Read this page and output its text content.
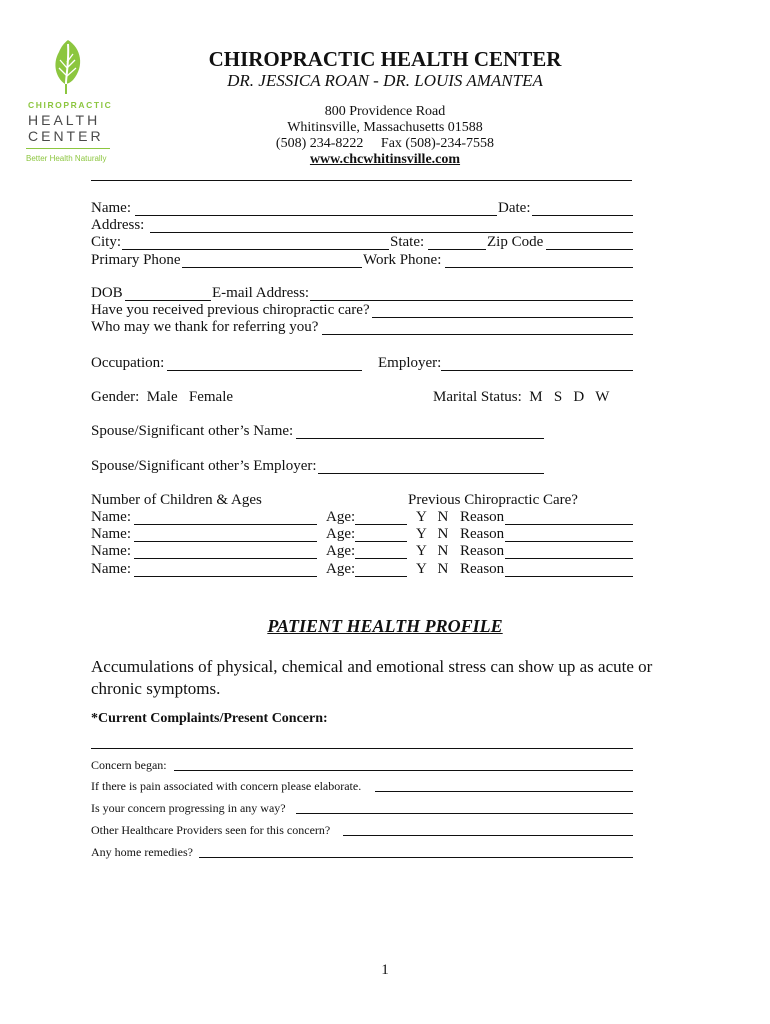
CHIROPRACTIC
HEALTH
CENTER
Better Health Naturally
CHIROPRACTIC HEALTH CENTER
DR. JESSICA ROAN - DR. LOUIS AMANTEA
800 Providence Road
Whitinsville, Massachusetts 01588
(508) 234-8222     Fax (508)-234-7558
www.chcwhitinsville.com
Name:	Date:
Address:
City:	State:	Zip Code
Primary Phone	Work Phone:
DOB	E-mail Address:
Have you received previous chiropractic care?
Who may we thank for referring you?
Occupation:	Employer:
Gender:  Male   Female	Marital Status:  M   S   D   W
Spouse/Significant other’s Name:
Spouse/Significant other’s Employer:
Number of Children & Ages	Previous Chiropractic Care?
Name:	Age:	Y   N Reason
Name:	Age:	Y   N Reason
Name:	Age:	Y   N Reason
Name:	Age:	Y   N Reason
PATIENT HEALTH PROFILE
Accumulations of physical, chemical and emotional stress can show up as acute or chronic symptoms.
*Current Complaints/Present Concern:
Concern began:
If there is pain associated with concern please elaborate.
Is your concern progressing in any way?
Other Healthcare Providers seen for this concern?
Any home remedies?
1
